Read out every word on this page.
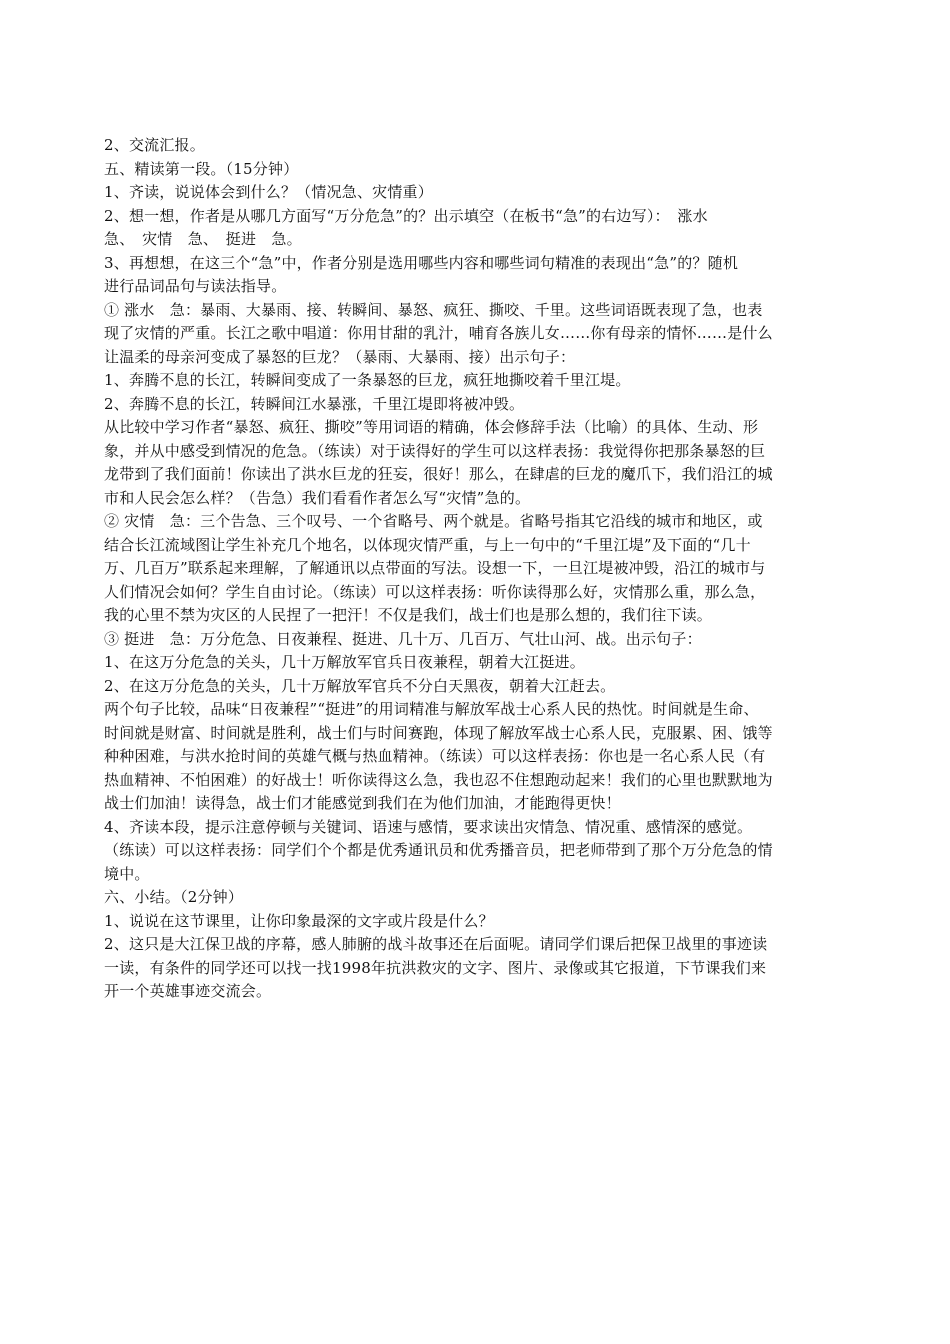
2、交流汇报。
五、精读第一段。（15分钟）
1、齐读，说说体会到什么？（情况急、灾情重）
2、想一想，作者是从哪几方面写“万分危急”的？出示填空（在板书“急”的右边写）：　涨水
急、　灾情　急、　挺进　急。
3、再想想，在这三个“急”中，作者分别是选用哪些内容和哪些词句精准的表现出“急”的？随机
进行品词品句与读法指导。
① 涨水　急：暴雨、大暴雨、接、转瞬间、暴怒、疯狂、撕咬、千里。这些词语既表现了急，也表
现了灾情的严重。长江之歌中唱道：你用甘甜的乳汁，哺育各族儿女……你有母亲的情怀……是什么
让温柔的母亲河变成了暴怒的巨龙？（暴雨、大暴雨、接）出示句子：
1、奔腾不息的长江，转瞬间变成了一条暴怒的巨龙，疯狂地撕咬着千里江堤。
2、奔腾不息的长江，转瞬间江水暴涨，千里江堤即将被冲毁。
从比较中学习作者“暴怒、疯狂、撕咬”等用词语的精确，体会修辞手法（比喻）的具体、生动、形
象，并从中感受到情况的危急。（练读）对于读得好的学生可以这样表扬：我觉得你把那条暴怒的巨
龙带到了我们面前！你读出了洪水巨龙的狂妄，很好！那么，在肆虐的巨龙的魔爪下，我们沿江的城
市和人民会怎么样？（告急）我们看看作者怎么写“灾情”急的。
② 灾情　急：三个告急、三个叹号、一个省略号、两个就是。省略号指其它沿线的城市和地区，或
结合长江流域图让学生补充几个地名，以体现灾情严重，与上一句中的“千里江堤”及下面的“几十
万、几百万”联系起来理解，了解通讯以点带面的写法。设想一下，一旦江堤被冲毁，沿江的城市与
人们情况会如何？学生自由讨论。（练读）可以这样表扬：听你读得那么好，灾情那么重，那么急，
我的心里不禁为灾区的人民捏了一把汗！不仅是我们，战士们也是那么想的，我们往下读。
③ 挺进　急：万分危急、日夜兼程、挺进、几十万、几百万、气壮山河、战。出示句子：
1、在这万分危急的关头，几十万解放军官兵日夜兼程，朝着大江挺进。
2、在这万分危急的关头，几十万解放军官兵不分白天黑夜，朝着大江赶去。
两个句子比较，品味“日夜兼程”“挺进”的用词精准与解放军战士心系人民的热忱。时间就是生命、
时间就是财富、时间就是胜利，战士们与时间赛跑，体现了解放军战士心系人民，克服累、困、饿等
种种困难，与洪水抢时间的英雄气概与热血精神。（练读）可以这样表扬：你也是一名心系人民（有
热血精神、不怕困难）的好战士！听你读得这么急，我也忍不住想跑动起来！我们的心里也默默地为
战士们加油！读得急，战士们才能感觉到我们在为他们加油，才能跑得更快！
4、齐读本段，提示注意停顿与关键词、语速与感情，要求读出灾情急、情况重、感情深的感觉。
（练读）可以这样表扬：同学们个个都是优秀通讯员和优秀播音员，把老师带到了那个万分危急的情
境中。
六、小结。（2分钟）
1、说说在这节课里，让你印象最深的文字或片段是什么？
2、这只是大江保卫战的序幕，感人肺腑的战斗故事还在后面呢。请同学们课后把保卫战里的事迹读
一读，有条件的同学还可以找一找1998年抗洪救灾的文字、图片、录像或其它报道，下节课我们来
开一个英雄事迹交流会。
